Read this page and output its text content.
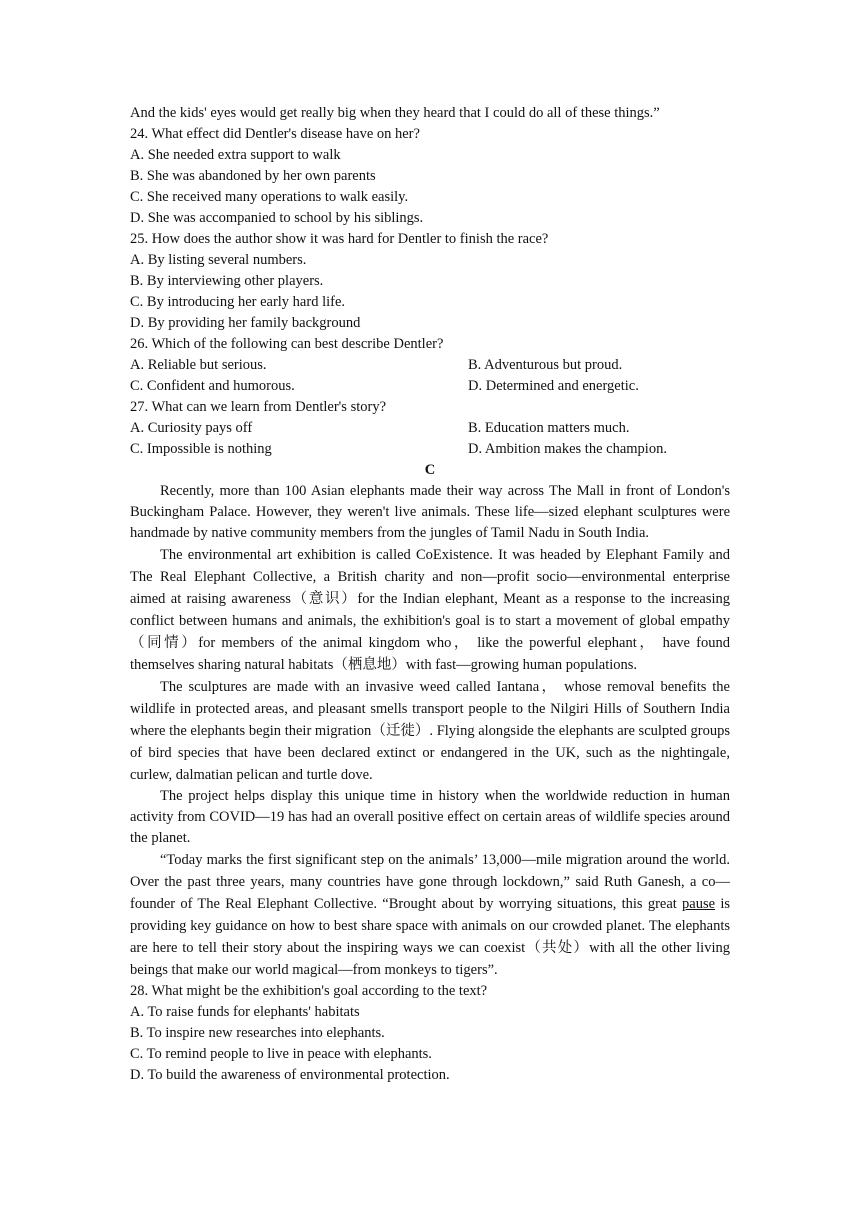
And the kids' eyes would get really big when they heard that I could do all of these things.”
24. What effect did Dentler's disease have on her?
A. She needed extra support to walk
B. She was abandoned by her own parents
C. She received many operations to walk easily.
D. She was accompanied to school by his siblings.
25. How does the author show it was hard for Dentler to finish the race?
A. By listing several numbers.
B. By interviewing other players.
C. By introducing her early hard life.
D. By providing her family background
26. Which of the following can best describe Dentler?
A. Reliable but serious.	B. Adventurous but proud.
C. Confident and humorous.	D. Determined and energetic.
27. What can we learn from Dentler's story?
A. Curiosity pays off	B. Education matters much.
C. Impossible is nothing	D. Ambition makes the champion.
C
Recently, more than 100 Asian elephants made their way across The Mall in front of London's Buckingham Palace. However, they weren't live animals. These life—sized elephant sculptures were handmade by native community members from the jungles of Tamil Nadu in South India.
The environmental art exhibition is called CoExistence. It was headed by Elephant Family and The Real Elephant Collective, a British charity and non—profit socio—environmental enterprise aimed at raising awareness（意识）for the Indian elephant, Meant as a response to the increasing conflict between humans and animals, the exhibition's goal is to start a movement of global empathy（同情）for members of the animal kingdom who， like the powerful elephant， have found themselves sharing natural habitats（栖息地）with fast—growing human populations.
The sculptures are made with an invasive weed called Iantana， whose removal benefits the wildlife in protected areas, and pleasant smells transport people to the Nilgiri Hills of Southern India where the elephants begin their migration（迁徙）. Flying alongside the elephants are sculpted groups of bird species that have been declared extinct or endangered in the UK, such as the nightingale, curlew, dalmatian pelican and turtle dove.
The project helps display this unique time in history when the worldwide reduction in human activity from COVID—19 has had an overall positive effect on certain areas of wildlife species around the planet.
“Today marks the first significant step on the animals’ 13,000—mile migration around the world. Over the past three years, many countries have gone through lockdown,” said Ruth Ganesh, a co—founder of The Real Elephant Collective. “Brought about by worrying situations, this great pause is providing key guidance on how to best share space with animals on our crowded planet. The elephants are here to tell their story about the inspiring ways we can coexist（共处）with all the other living beings that make our world magical—from monkeys to tigers”.
28. What might be the exhibition's goal according to the text?
A. To raise funds for elephants' habitats
B. To inspire new researches into elephants.
C. To remind people to live in peace with elephants.
D. To build the awareness of environmental protection.
